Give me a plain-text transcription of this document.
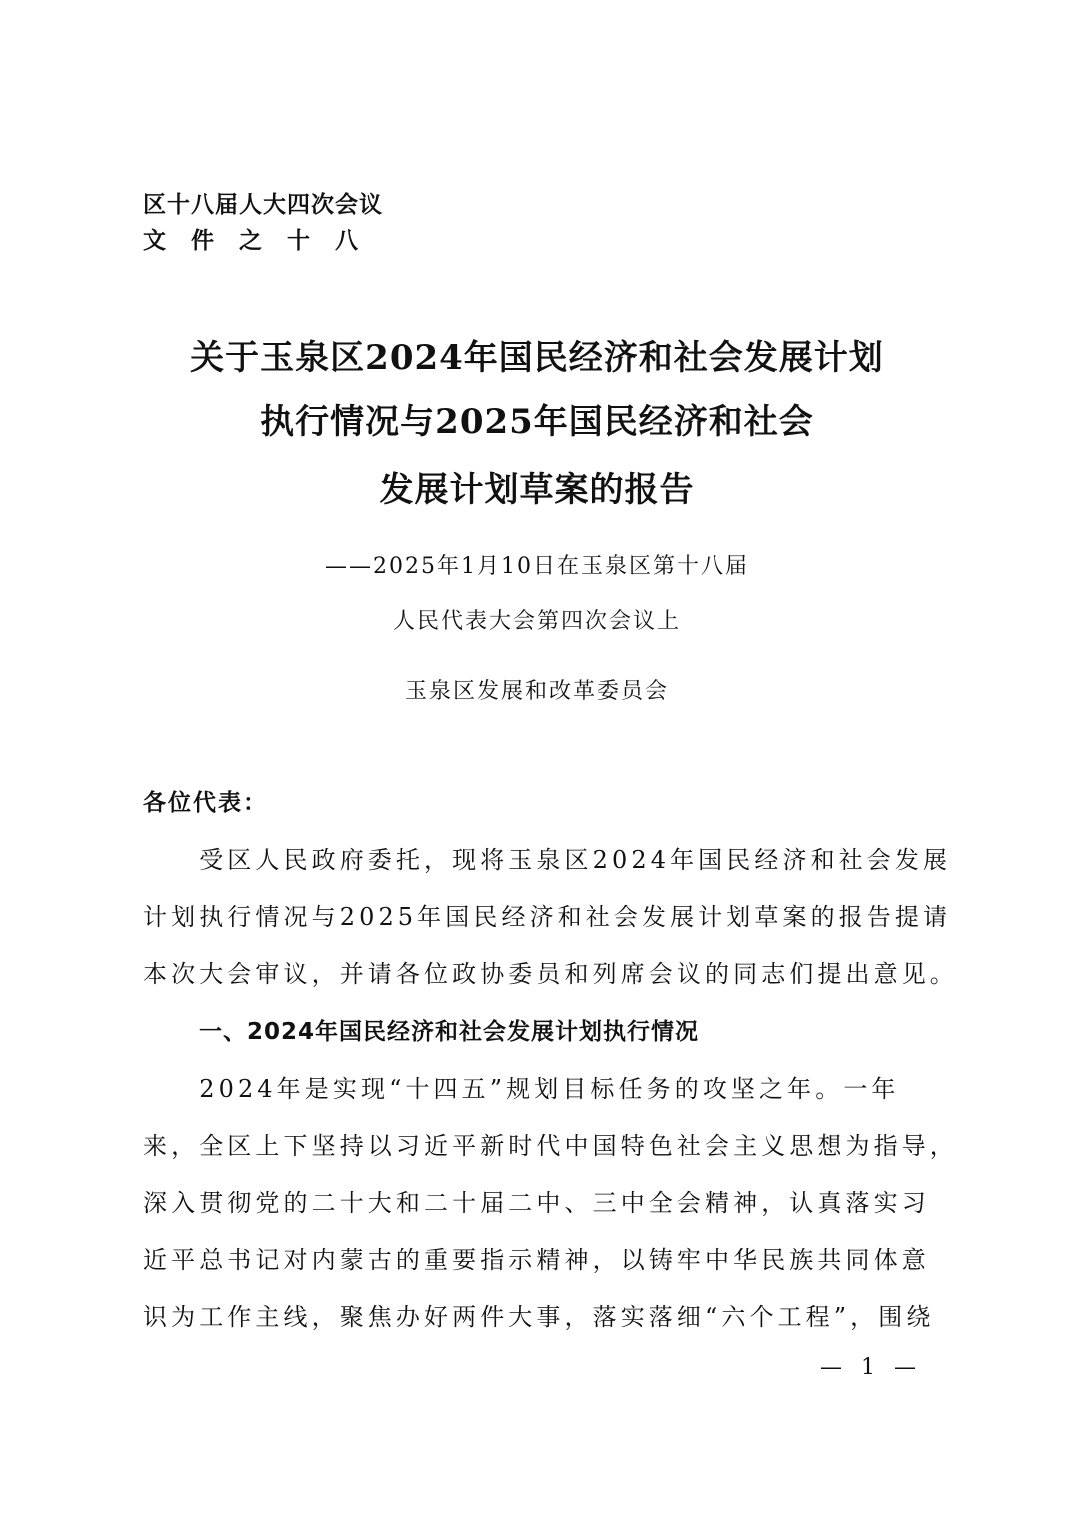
区十八届人大四次会议
文　件　之　十　八
关于玉泉区2024年国民经济和社会发展计划
执行情况与2025年国民经济和社会
发展计划草案的报告
——2025年1月10日在玉泉区第十八届
人民代表大会第四次会议上
玉泉区发展和改革委员会
各位代表：
　　受区人民政府委托，现将玉泉区2024年国民经济和社会发展
计划执行情况与2025年国民经济和社会发展计划草案的报告提请
本次大会审议，并请各位政协委员和列席会议的同志们提出意见。
一、2024年国民经济和社会发展计划执行情况
　　2024年是实现“十四五”规划目标任务的攻坚之年。一年
来，全区上下坚持以习近平新时代中国特色社会主义思想为指导，
深入贯彻党的二十大和二十届二中、三中全会精神，认真落实习
近平总书记对内蒙古的重要指示精神，以铸牢中华民族共同体意
识为工作主线，聚焦办好两件大事，落实落细“六个工程”，围绕
— 1 —
